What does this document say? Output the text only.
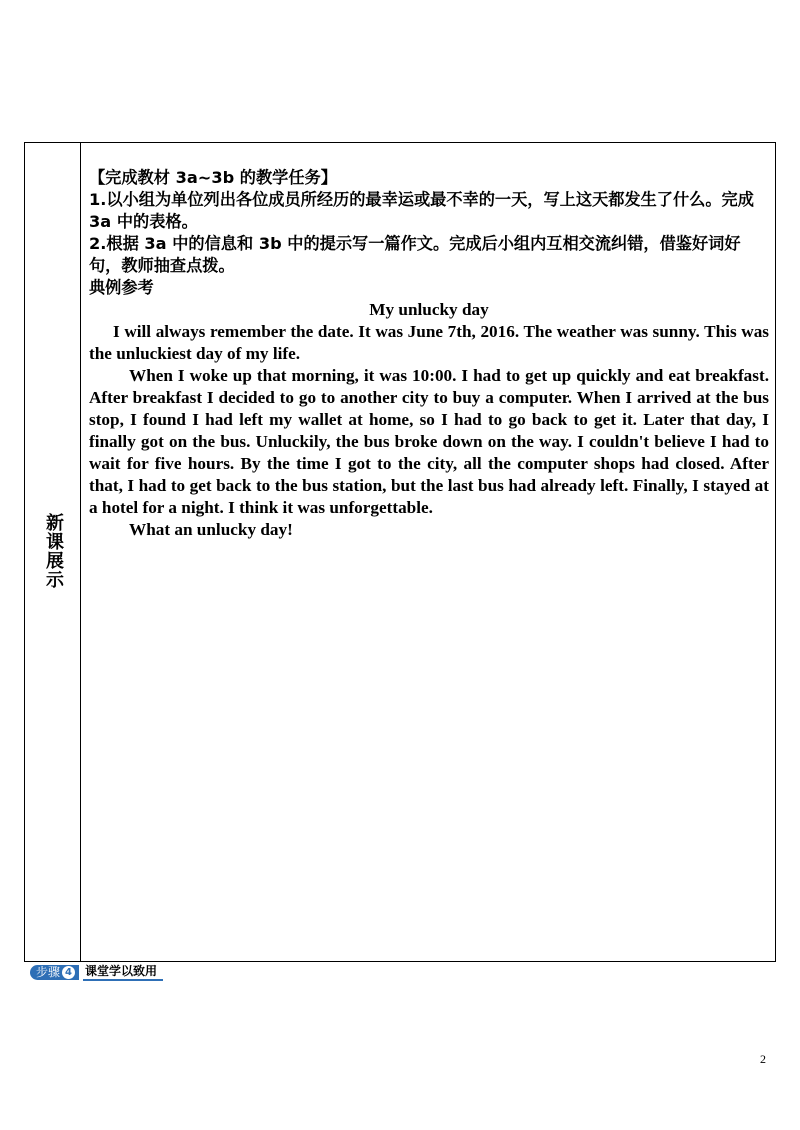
新课展示

【完成教材 3a~3b 的教学任务】

1.以小组为单位列出各位成员所经历的最幸运或最不幸的一天，写上这天都发生了什么。完成 3a 中的表格。

2.根据 3a 中的信息和 3b 中的提示写一篇作文。完成后小组内互相交流纠错，借鉴好词好句，教师抽查点拨。

典例参考

My unlucky day

I will always remember the date. It was June 7th, 2016. The weather was sunny. This was the unluckiest day of my life.

When I woke up that morning, it was 10:00. I had to get up quickly and eat breakfast. After breakfast I decided to go to another city to buy a computer. When I arrived at the bus stop, I found I had left my wallet at home, so I had to go back to get it. Later that day, I finally got on the bus. Unluckily, the bus broke down on the way. I couldn't believe I had to wait for five hours. By the time I got to the city, all the computer shops had closed. After that, I had to get back to the bus station, but the last bus had already left. Finally, I stayed at a hotel for a night. I think it was unforgettable.

What an unlucky day!

步骤 4 课堂学以致用
2
